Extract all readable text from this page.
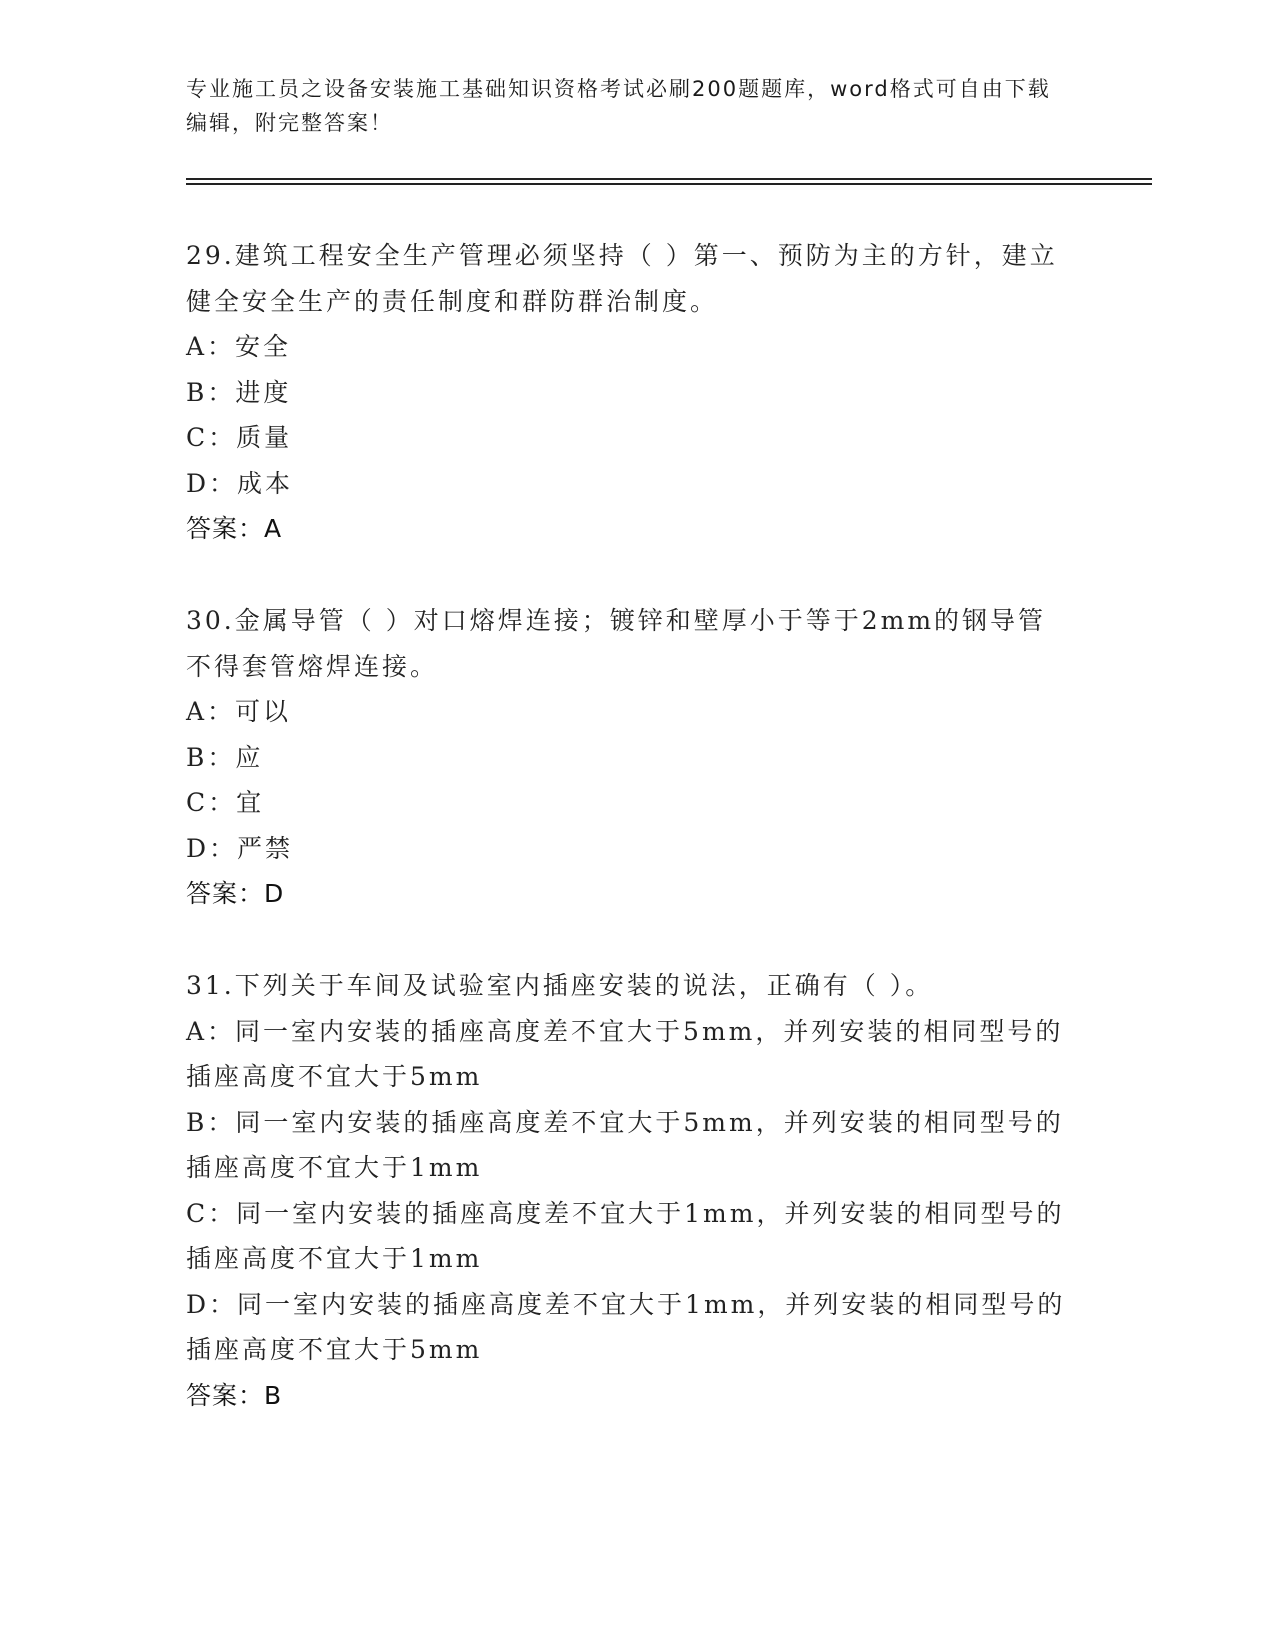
专业施工员之设备安装施工基础知识资格考试必刷200题题库，word格式可自由下载编辑，附完整答案！
29.建筑工程安全生产管理必须坚持（ ）第一、预防为主的方针，建立健全安全生产的责任制度和群防群治制度。
A：安全
B：进度
C：质量
D：成本
答案：A
30.金属导管（ ）对口熔焊连接；镀锌和壁厚小于等于2mm的钢导管不得套管熔焊连接。
A：可以
B：应
C：宜
D：严禁
答案：D
31.下列关于车间及试验室内插座安装的说法，正确有（ ）。
A：同一室内安装的插座高度差不宜大于5mm，并列安装的相同型号的插座高度不宜大于5mm
B：同一室内安装的插座高度差不宜大于5mm，并列安装的相同型号的插座高度不宜大于1mm
C：同一室内安装的插座高度差不宜大于1mm，并列安装的相同型号的插座高度不宜大于1mm
D：同一室内安装的插座高度差不宜大于1mm，并列安装的相同型号的插座高度不宜大于5mm
答案：B
